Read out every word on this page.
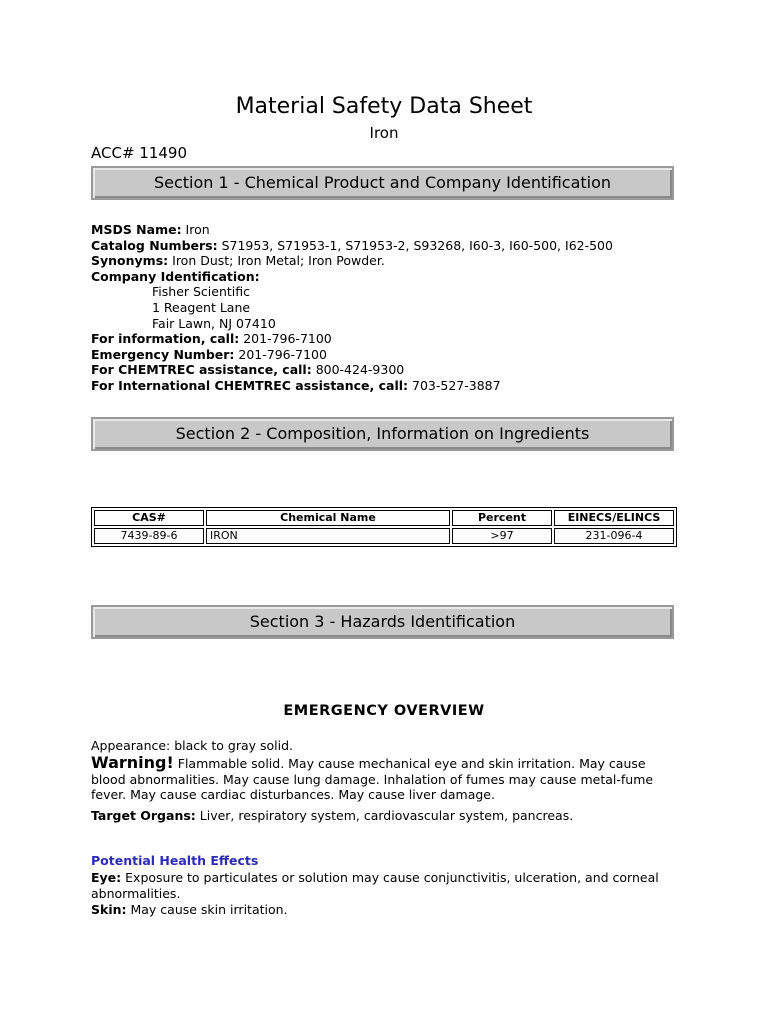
Material Safety Data Sheet
Iron
ACC# 11490
Section 1 - Chemical Product and Company Identification
MSDS Name: Iron
Catalog Numbers: S71953, S71953-1, S71953-2, S93268, I60-3, I60-500, I62-500
Synonyms: Iron Dust; Iron Metal; Iron Powder.
Company Identification:
Fisher Scientific
1 Reagent Lane
Fair Lawn, NJ 07410
For information, call: 201-796-7100
Emergency Number: 201-796-7100
For CHEMTREC assistance, call: 800-424-9300
For International CHEMTREC assistance, call: 703-527-3887
Section 2 - Composition, Information on Ingredients
CAS#	Chemical Name	Percent	EINECS/ELINCS
7439-89-6	IRON	>97	231-096-4
Section 3 - Hazards Identification
EMERGENCY OVERVIEW
Appearance: black to gray solid.
Warning! Flammable solid. May cause mechanical eye and skin irritation. May cause blood abnormalities. May cause lung damage. Inhalation of fumes may cause metal-fume fever. May cause cardiac disturbances. May cause liver damage.
Target Organs: Liver, respiratory system, cardiovascular system, pancreas.
Potential Health Effects
Eye: Exposure to particulates or solution may cause conjunctivitis, ulceration, and corneal abnormalities.
Skin: May cause skin irritation.
